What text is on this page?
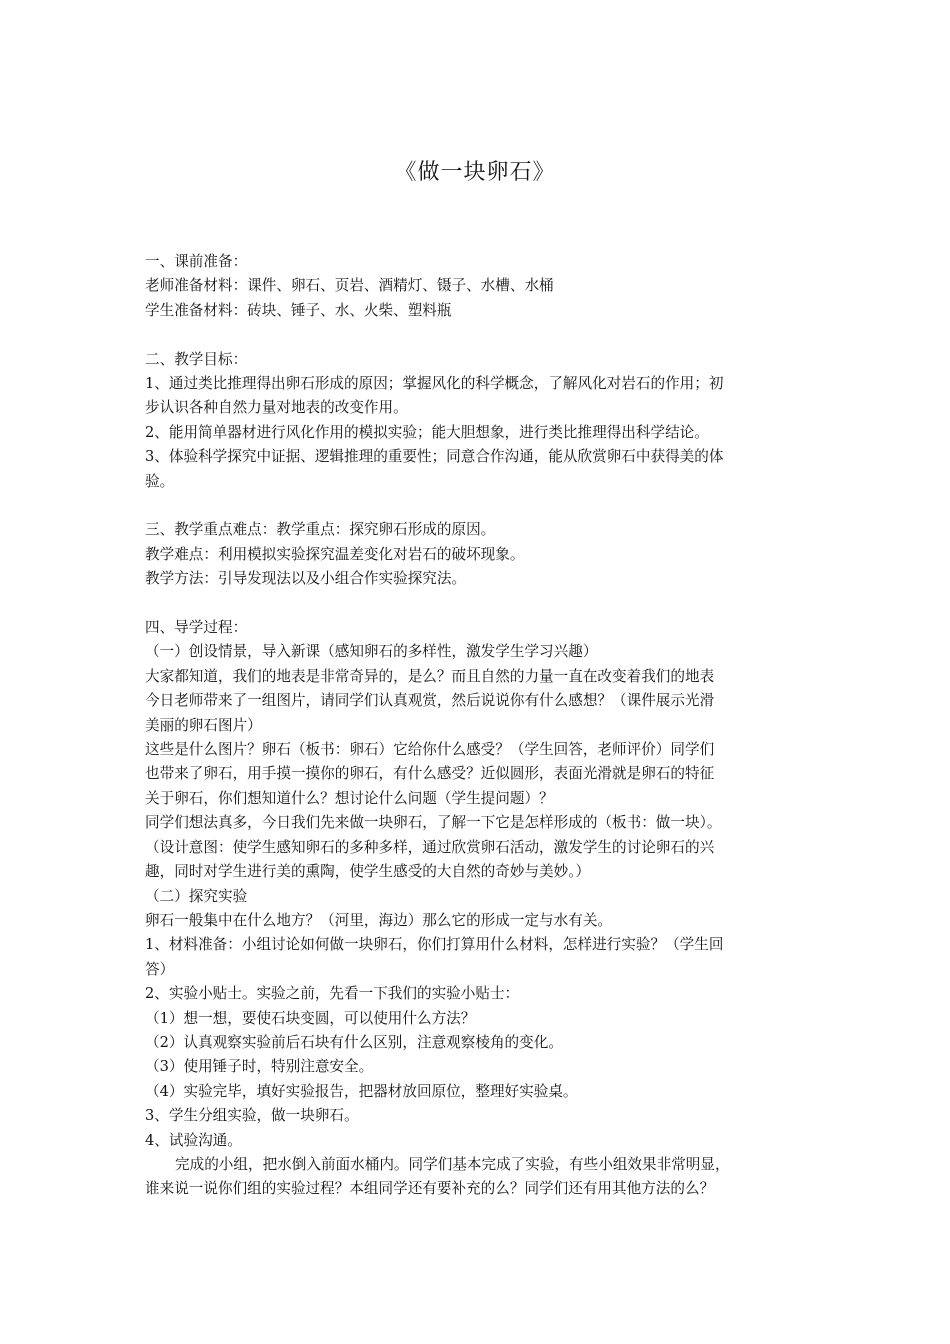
《做一块卵石》

一、课前准备：

老师准备材料：课件、卵石、页岩、酒精灯、镊子、水槽、水桶

学生准备材料：砖块、锤子、水、火柴、塑料瓶

二、教学目标：

1、通过类比推理得出卵石形成的原因；掌握风化的科学概念，了解风化对岩石的作用；初

步认识各种自然力量对地表的改变作用。

2、能用简单器材进行风化作用的模拟实验；能大胆想象，进行类比推理得出科学结论。

3、体验科学探究中证据、逻辑推理的重要性；同意合作沟通，能从欣赏卵石中获得美的体

验。

三、教学重点难点：教学重点：探究卵石形成的原因。

教学难点：利用模拟实验探究温差变化对岩石的破坏现象。

教学方法：引导发现法以及小组合作实验探究法。

四、导学过程：

（一）创设情景，导入新课（感知卵石的多样性，激发学生学习兴趣）

大家都知道，我们的地表是非常奇异的，是么？而且自然的力量一直在改变着我们的地表

今日老师带来了一组图片，请同学们认真观赏，然后说说你有什么感想？（课件展示光滑

美丽的卵石图片）

这些是什么图片？卵石（板书：卵石）它给你什么感受？（学生回答，老师评价）同学们

也带来了卵石，用手摸一摸你的卵石，有什么感受？近似圆形，表面光滑就是卵石的特征

关于卵石，你们想知道什么？想讨论什么问题（学生提问题）？

同学们想法真多，今日我们先来做一块卵石，了解一下它是怎样形成的（板书：做一块）。

（设计意图：使学生感知卵石的多种多样，通过欣赏卵石活动，激发学生的讨论卵石的兴

趣，同时对学生进行美的熏陶，使学生感受的大自然的奇妙与美妙。）

（二）探究实验

卵石一般集中在什么地方？（河里，海边）那么它的形成一定与水有关。

1、材料准备：小组讨论如何做一块卵石，你们打算用什么材料，怎样进行实验？（学生回

答）

2、实验小贴士。实验之前，先看一下我们的实验小贴士：

（1）想一想，要使石块变圆，可以使用什么方法？

（2）认真观察实验前后石块有什么区别，注意观察棱角的变化。

（3）使用锤子时，特别注意安全。

（4）实验完毕，填好实验报告，把器材放回原位，整理好实验桌。

3、学生分组实验，做一块卵石。

4、试验沟通。

完成的小组，把水倒入前面水桶内。同学们基本完成了实验，有些小组效果非常明显，

谁来说一说你们组的实验过程？本组同学还有要补充的么？同学们还有用其他方法的么？
